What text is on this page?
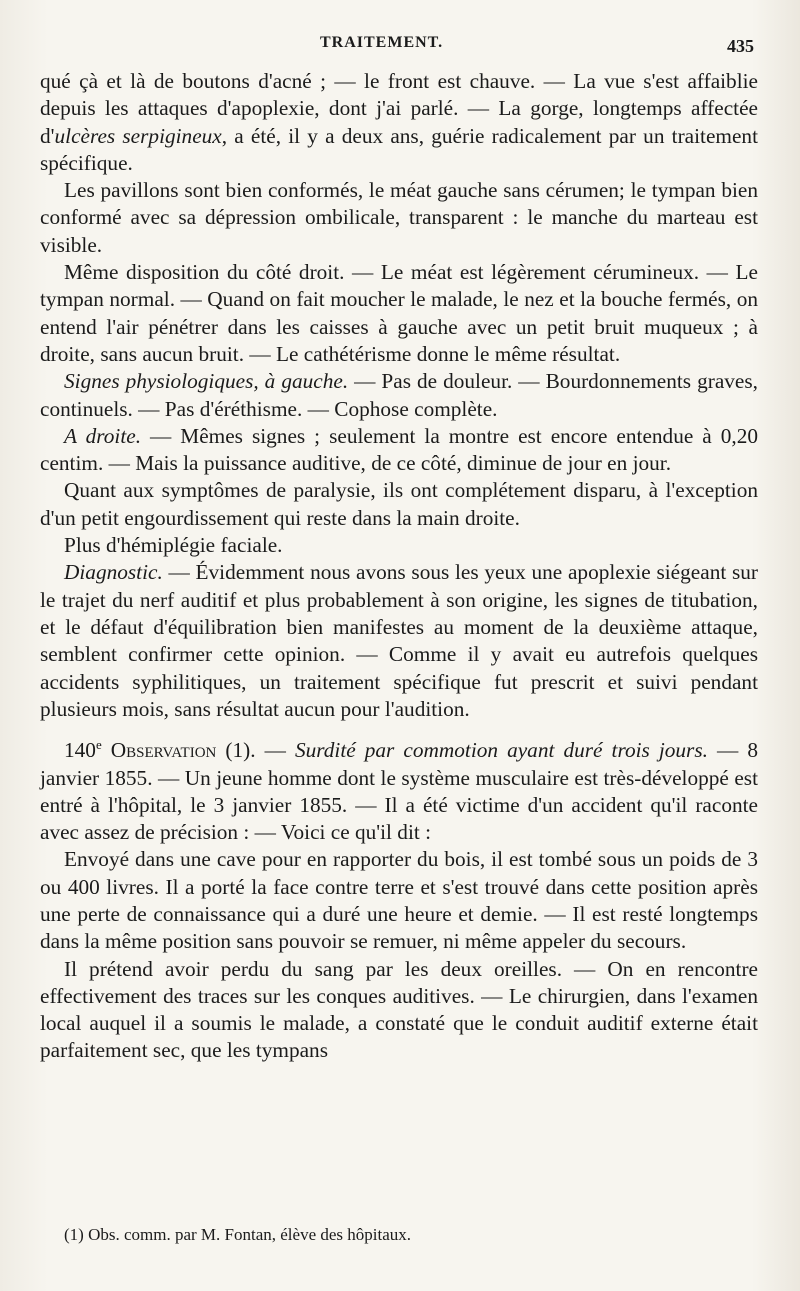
TRAITEMENT.	435

qué çà et là de boutons d'acné ; — le front est chauve. — La vue s'est affaiblie depuis les attaques d'apoplexie, dont j'ai parlé. — La gorge, longtemps affectée d'ulcères serpigineux, a été, il y a deux ans, guérie radicalement par un traitement spécifique.

Les pavillons sont bien conformés, le méat gauche sans cérumen; le tympan bien conformé avec sa dépression ombilicale, transparent : le manche du marteau est visible.

Même disposition du côté droit. — Le méat est légèrement cérumineux. — Le tympan normal. — Quand on fait moucher le malade, le nez et la bouche fermés, on entend l'air pénétrer dans les caisses à gauche avec un petit bruit muqueux ; à droite, sans aucun bruit. — Le cathétérisme donne le même résultat.

Signes physiologiques, à gauche. — Pas de douleur. — Bourdonnements graves, continuels. — Pas d'éréthisme. — Cophose complète.

A droite. — Mêmes signes ; seulement la montre est encore entendue à 0,20 centim. — Mais la puissance auditive, de ce côté, diminue de jour en jour.

Quant aux symptômes de paralysie, ils ont complétement disparu, à l'exception d'un petit engourdissement qui reste dans la main droite.

Plus d'hémiplégie faciale.

Diagnostic. — Évidemment nous avons sous les yeux une apoplexie siégeant sur le trajet du nerf auditif et plus probablement à son origine, les signes de titubation, et le défaut d'équilibration bien manifestes au moment de la deuxième attaque, semblent confirmer cette opinion. — Comme il y avait eu autrefois quelques accidents syphilitiques, un traitement spécifique fut prescrit et suivi pendant plusieurs mois, sans résultat aucun pour l'audition.

140e Observation (1). — Surdité par commotion ayant duré trois jours. — 8 janvier 1855. — Un jeune homme dont le système musculaire est très-développé est entré à l'hôpital, le 3 janvier 1855. — Il a été victime d'un accident qu'il raconte avec assez de précision : — Voici ce qu'il dit :

Envoyé dans une cave pour en rapporter du bois, il est tombé sous un poids de 3 ou 400 livres. Il a porté la face contre terre et s'est trouvé dans cette position après une perte de connaissance qui a duré une heure et demie. — Il est resté longtemps dans la même position sans pouvoir se remuer, ni même appeler du secours.

Il prétend avoir perdu du sang par les deux oreilles. — On en rencontre effectivement des traces sur les conques auditives. — Le chirurgien, dans l'examen local auquel il a soumis le malade, a constaté que le conduit auditif externe était parfaitement sec, que les tympans

(1) Obs. comm. par M. Fontan, élève des hôpitaux.
